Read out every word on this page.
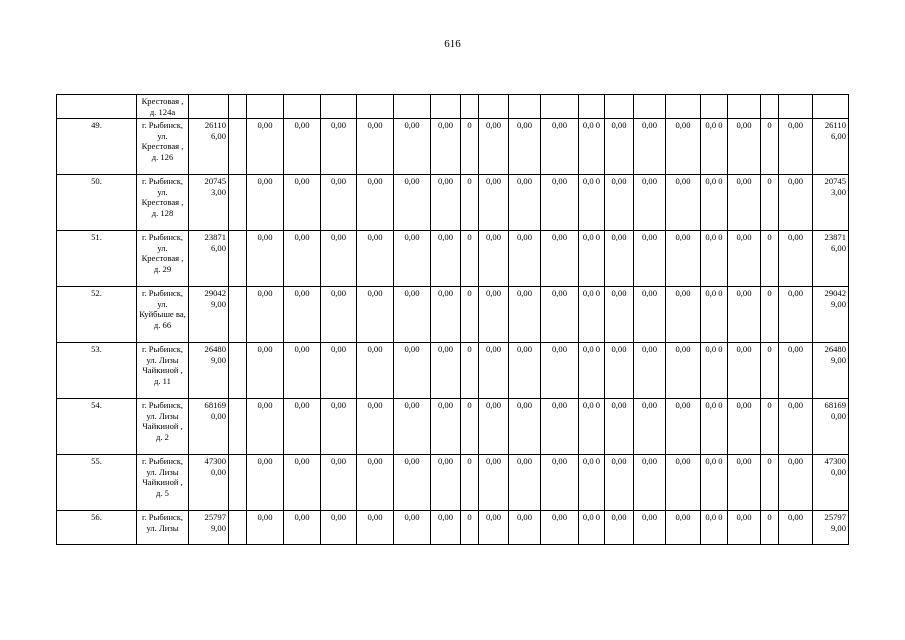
616
	Крестовая , д. 124а																					
49.	г. Рыбинск, ул. Крестовая , д. 126	26110 6,00		0,00	0,00	0,00	0,00	0,00	0,00	0	0,00	0,00	0,00	0,0 0	0,00	0,00	0,00	0,0 0	0,00	0	0,00	26110 6,00
50.	г. Рыбинск, ул. Крестовая , д. 128	20745 3,00		0,00	0,00	0,00	0,00	0,00	0,00	0	0,00	0,00	0,00	0,0 0	0,00	0,00	0,00	0,0 0	0,00	0	0,00	20745 3,00
51.	г. Рыбинск, ул. Крестовая , д. 29	23871 6,00		0,00	0,00	0,00	0,00	0,00	0,00	0	0,00	0,00	0,00	0,0 0	0,00	0,00	0,00	0,0 0	0,00	0	0,00	23871 6,00
52.	г. Рыбинск, ул. Куйбыше ва, д. 66	29042 9,00		0,00	0,00	0,00	0,00	0,00	0,00	0	0,00	0,00	0,00	0,0 0	0,00	0,00	0,00	0,0 0	0,00	0	0,00	29042 9,00
53.	г. Рыбинск, ул. Лизы Чайкиной , д. 11	26480 9,00		0,00	0,00	0,00	0,00	0,00	0,00	0	0,00	0,00	0,00	0,0 0	0,00	0,00	0,00	0,0 0	0,00	0	0,00	26480 9,00
54.	г. Рыбинск, ул. Лизы Чайкиной , д. 2	68169 0,00		0,00	0,00	0,00	0,00	0,00	0,00	0	0,00	0,00	0,00	0,0 0	0,00	0,00	0,00	0,0 0	0,00	0	0,00	68169 0,00
55.	г. Рыбинск, ул. Лизы Чайкиной , д. 5	47300 0,00		0,00	0,00	0,00	0,00	0,00	0,00	0	0,00	0,00	0,00	0,0 0	0,00	0,00	0,00	0,0 0	0,00	0	0,00	47300 0,00
56.	г. Рыбинск, ул. Лизы	25797 9,00		0,00	0,00	0,00	0,00	0,00	0,00	0	0,00	0,00	0,00	0,0 0	0,00	0,00	0,00	0,0 0	0,00	0	0,00	25797 9,00
